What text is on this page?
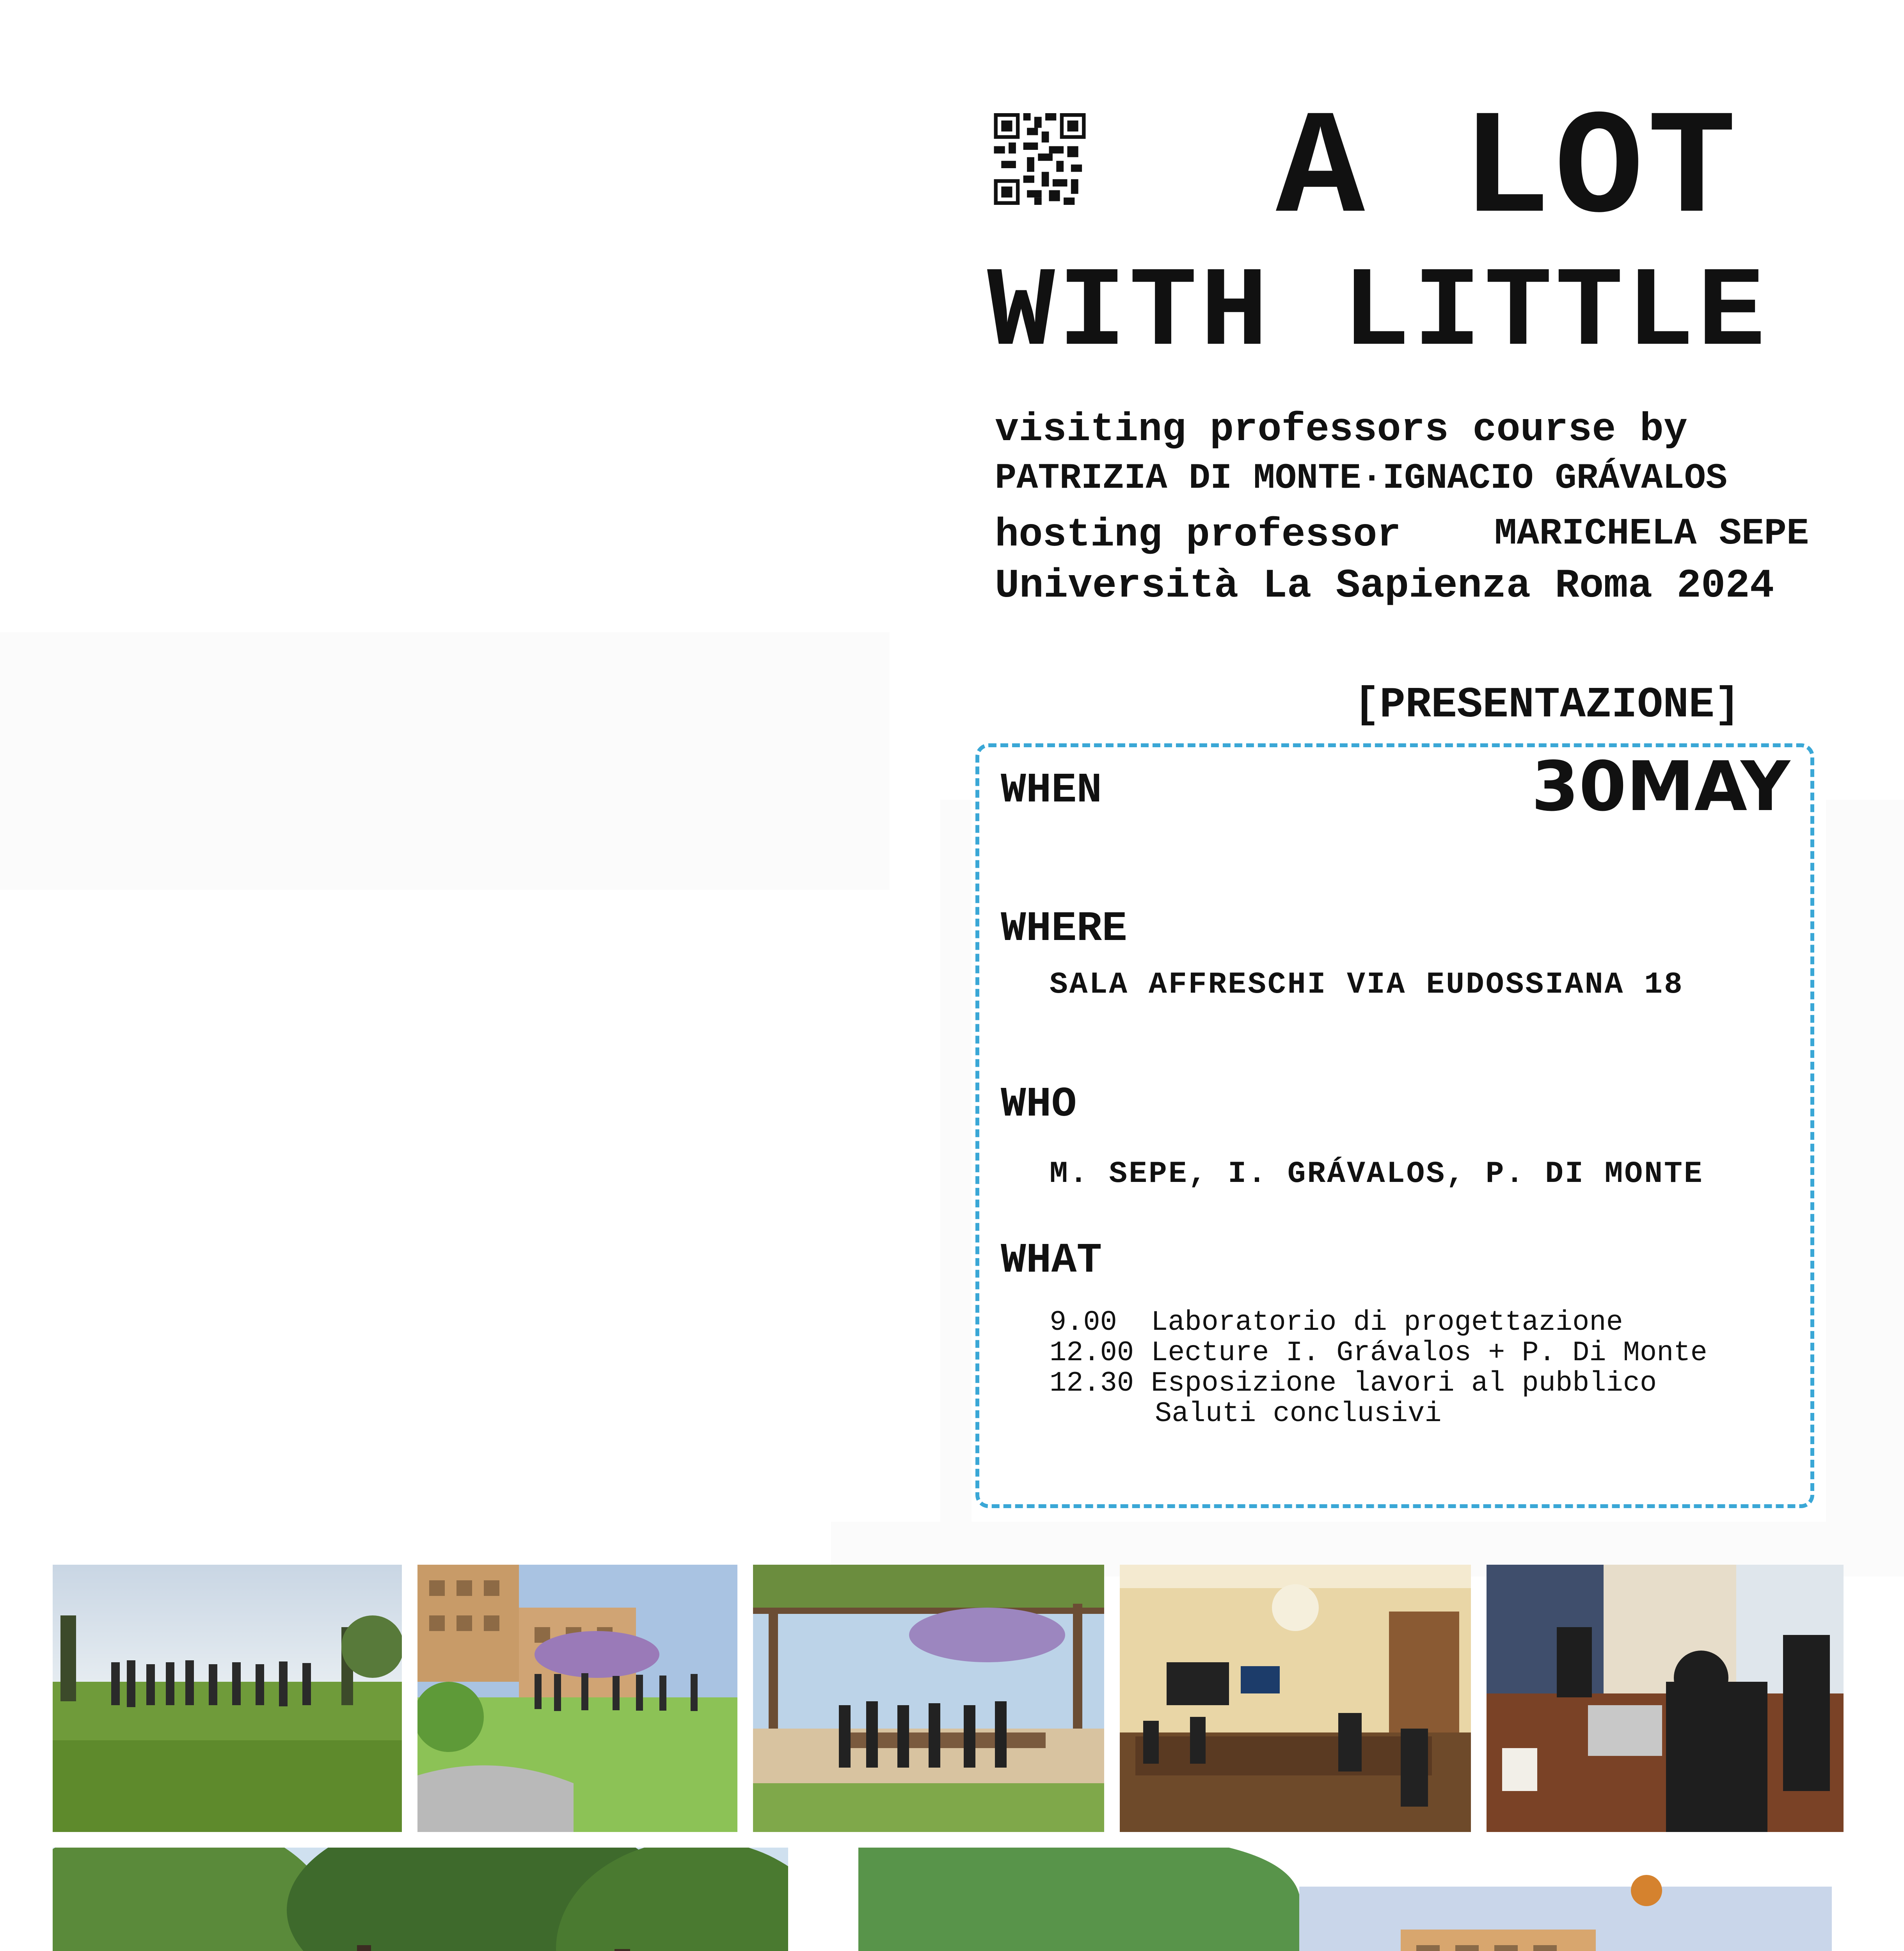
A LOT
WITH LITTLE
visiting professors course by
PATRIZIA DI MONTE·IGNACIO GRÁVALOS
hosting professor MARICHELA SEPE
Università La Sapienza Roma 2024
[PRESENTAZIONE]
WHEN	30MAY
WHERE
SALA AFFRESCHI VIA EUDOSSIANA 18
WHO
M. SEPE, I. GRÁVALOS, P. DI MONTE
WHAT
9.00 Laboratorio di progettazione
12.00 Lecture I. Grávalos + P. Di Monte
12.30 Esposizione lavori al pubblico
Saluti conclusivi
